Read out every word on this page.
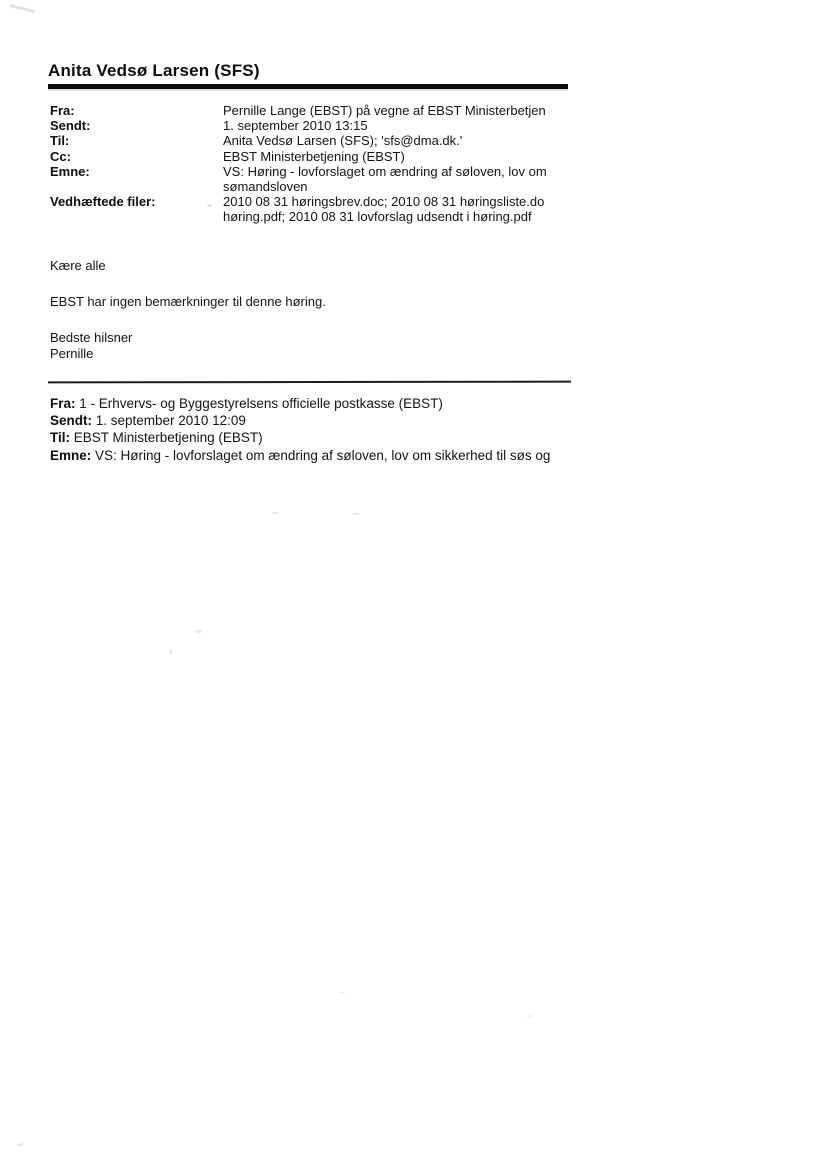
Anita Vedsø Larsen (SFS)
Fra:	Pernille Lange (EBST) på vegne af EBST Ministerbetjen
Sendt:	1. september 2010 13:15
Til:	Anita Vedsø Larsen (SFS); 'sfs@dma.dk.'
Cc:	EBST Ministerbetjening (EBST)
Emne:	VS: Høring - lovforslaget om ændring af søloven, lov om
sømandsloven
Vedhæftede filer:	2010 08 31 høringsbrev.doc; 2010 08 31 høringsliste.do
høring.pdf; 2010 08 31 lovforslag udsendt i høring.pdf
Kære alle
EBST har ingen bemærkninger til denne høring.
Bedste hilsner
Pernille
Fra: 1 - Erhvervs- og Byggestyrelsens officielle postkasse (EBST)
Sendt: 1. september 2010 12:09
Til: EBST Ministerbetjening (EBST)
Emne: VS: Høring - lovforslaget om ændring af søloven, lov om sikkerhed til søs og
